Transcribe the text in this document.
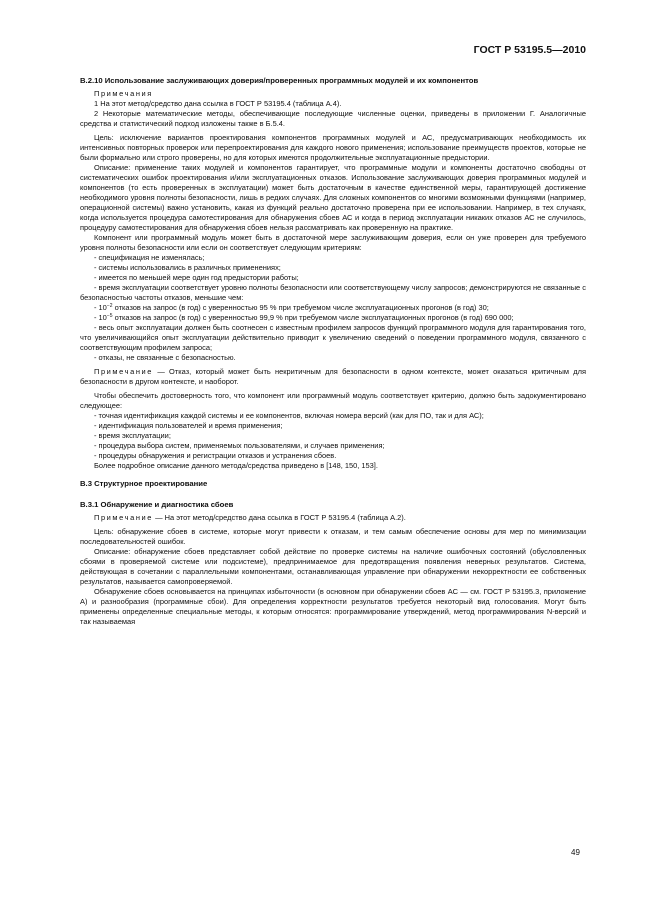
ГОСТ Р 53195.5—2010

B.2.10 Использование заслуживающих доверия/проверенных программных модулей и их компонентов

Примечания

1 На этот метод/средство дана ссылка в ГОСТ Р 53195.4 (таблица А.4).

2 Некоторые математические методы, обеспечивающие последующие численные оценки, приведены в приложении Г. Аналогичные средства и статистический подход изложены также в Б.5.4.

Цель: исключение вариантов проектирования компонентов программных модулей и АС, предусматривающих необходимость их интенсивных повторных проверок или перепроектирования для каждого нового применения; использование преимуществ проектов, которые не были формально или строго проверены, но для которых имеются продолжительные эксплуатационные предыстории.

Описание: применение таких модулей и компонентов гарантирует, что программные модули и компоненты достаточно свободны от систематических ошибок проектирования и/или эксплуатационных отказов. Использование заслуживающих доверия программных модулей и компонентов (то есть проверенных в эксплуатации) может быть достаточным в качестве единственной меры, гарантирующей достижение необходимого уровня полноты безопасности, лишь в редких случаях. Для сложных компонентов со многими возможными функциями (например, операционной системы) важно установить, какая из функций реально достаточно проверена при ее использовании. Например, в тех случаях, когда используется процедура самотестирования для обнаружения сбоев АС и когда в период эксплуатации никаких отказов АС не случилось, процедуру самотестирования для обнаружения сбоев нельзя рассматривать как проверенную на практике.

Компонент или программный модуль может быть в достаточной мере заслуживающим доверия, если он уже проверен для требуемого уровня полноты безопасности или если он соответствует следующим критериям:

- спецификация не изменялась;

- системы использовались в различных применениях;

- имеется по меньшей мере один год предыстории работы;

- время эксплуатации соответствует уровню полноты безопасности или соответствующему числу запросов; демонстрируются не связанные с безопасностью частоты отказов, меньшие чем:

- $10^{-2}$ отказов на запрос (в год) с уверенностью 95 % при требуемом числе эксплуатационных прогонов (в год) 30;

- $10^{-5}$ отказов на запрос (в год) с уверенностью 99,9 % при требуемом числе эксплуатационных прогонов (в год) 690 000;

- весь опыт эксплуатации должен быть соотнесен с известным профилем запросов функций программного модуля для гарантирования того, что увеличивающийся опыт эксплуатации действительно приводит к увеличению сведений о поведении программного модуля, связанного с соответствующим профилем запроса;

- отказы, не связанные с безопасностью.

Примечание — Отказ, который может быть некритичным для безопасности в одном контексте, может оказаться критичным для безопасности в другом контексте, и наоборот.

Чтобы обеспечить достоверность того, что компонент или программный модуль соответствует критерию, должно быть задокументировано следующее:

- точная идентификация каждой системы и ее компонентов, включая номера версий (как для ПО, так и для АС);

- идентификация пользователей и время применения;

- время эксплуатации;

- процедура выбора систем, применяемых пользователями, и случаев применения;

- процедуры обнаружения и регистрации отказов и устранения сбоев.

Более подробное описание данного метода/средства приведено в [148, 150, 153].

B.3 Структурное проектирование

B.3.1 Обнаружение и диагностика сбоев

Примечание — На этот метод/средство дана ссылка в ГОСТ Р 53195.4 (таблица А.2).

Цель: обнаружение сбоев в системе, которые могут привести к отказам, и тем самым обеспечение основы для мер по минимизации последовательностей ошибок.

Описание: обнаружение сбоев представляет собой действие по проверке системы на наличие ошибочных состояний (обусловленных сбоями в проверяемой системе или подсистеме), предпринимаемое для предотвращения появления неверных результатов. Система, действующая в сочетании с параллельными компонентами, останавливающая управление при обнаружении некорректности ее собственных результатов, называется самопроверяемой.

Обнаружение сбоев основывается на принципах избыточности (в основном при обнаружении сбоев АС — см. ГОСТ Р 53195.3, приложение А) и разнообразия (программные сбои). Для определения корректности результатов требуется некоторый вид голосования. Могут быть применены определенные специальные методы, к которым относятся: программирование утверждений, метод программирования N-версий и так называемая

49
